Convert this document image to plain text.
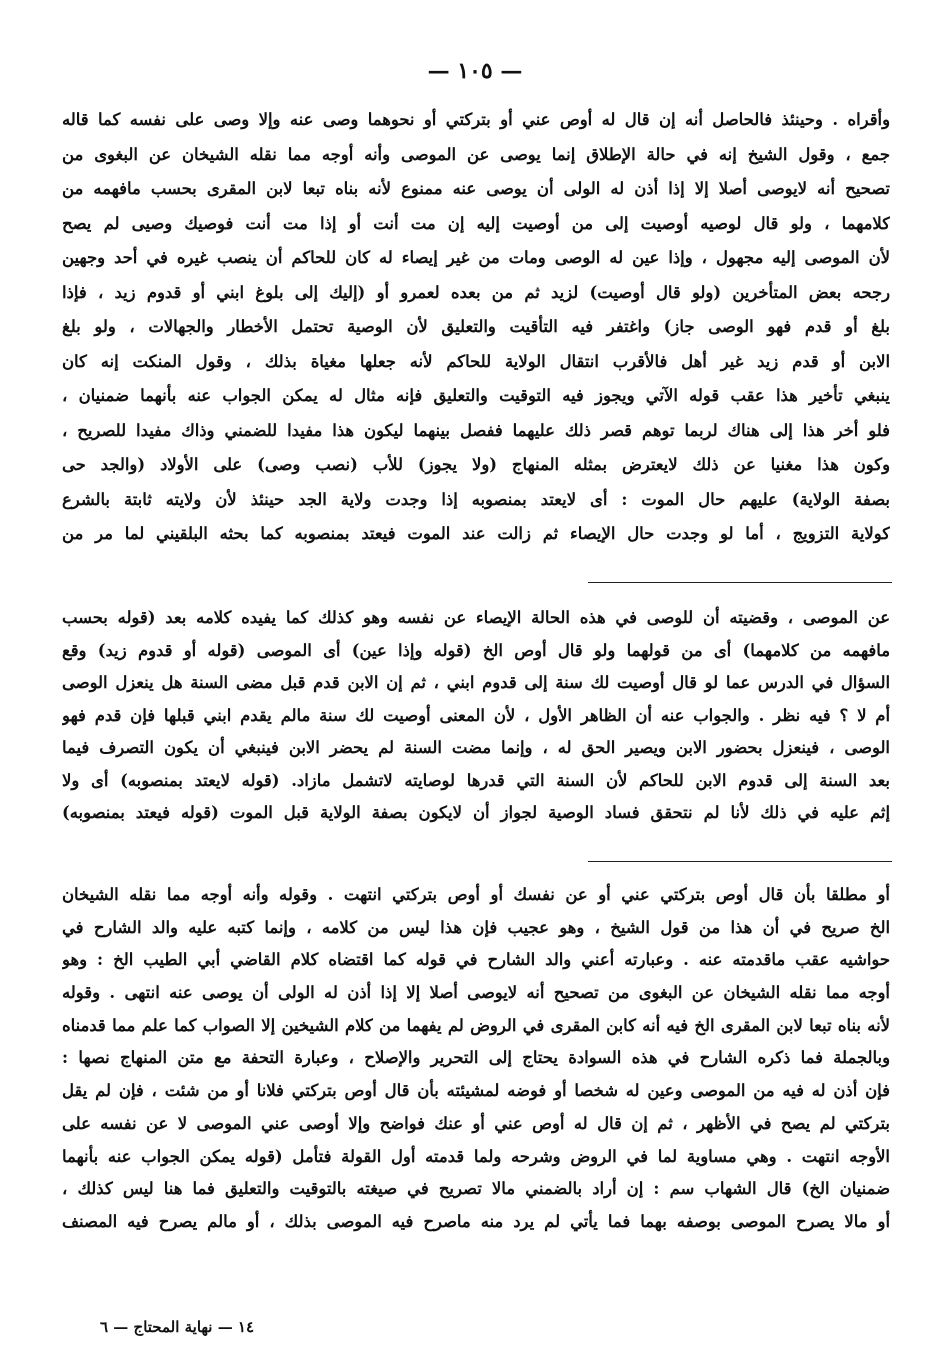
— ١٠٥ —
وأقراه . وحينئذ فالحاصل أنه إن قال له أوص عني أو بتركتي أو نحوهما وصى عنه وإلا وصى على نفسه كما قاله
جمع ، وقول الشيخ إنه في حالة الإطلاق إنما يوصى عن الموصى وأنه أوجه مما نقله الشيخان عن البغوى من
تصحيح أنه لايوصى أصلا إلا إذا أذن له الولى أن يوصى عنه ممنوع لأنه بناه تبعا لابن المقرى بحسب مافهمه من
كلامهما ، ولو قال لوصيه أوصيت إلى من أوصيت إليه إن مت أنت أو إذا مت أنت فوصيك وصيى لم يصح
لأن الموصى إليه مجهول ، وإذا عين له الوصى ومات من غير إيصاء له كان للحاكم أن ينصب غيره في أحد وجهين
رجحه بعض المتأخرين (ولو قال أوصيت) لزيد ثم من بعده لعمرو أو (إليك إلى بلوغ ابني أو قدوم زيد ، فإذا
بلغ أو قدم فهو الوصى جاز) واغتفر فيه التأقيت والتعليق لأن الوصية تحتمل الأخطار والجهالات ، ولو بلغ
الابن أو قدم زيد غير أهل فالأقرب انتقال الولاية للحاكم لأنه جعلها مغياة بذلك ، وقول المنكت إنه كان
ينبغي تأخير هذا عقب قوله الآتي ويجوز فيه التوقيت والتعليق فإنه مثال له يمكن الجواب عنه بأنهما ضمنيان ،
فلو أخر هذا إلى هناك لربما توهم قصر ذلك عليهما ففصل بينهما ليكون هذا مفيدا للضمني وذاك مفيدا للصريح ،
وكون هذا مغنيا عن ذلك لايعترض بمثله المنهاج (ولا يجوز) للأب (نصب وصى) على الأولاد (والجد حى
بصفة الولاية) عليهم حال الموت : أى لايعتد بمنصوبه إذا وجدت ولاية الجد حينئذ لأن ولايته ثابتة بالشرع
كولاية التزويج ، أما لو وجدت حال الإيصاء ثم زالت عند الموت فيعتد بمنصوبه كما بحثه البلقيني لما مر من
عن الموصى ، وقضيته أن للوصى في هذه الحالة الإيصاء عن نفسه وهو كذلك كما يفيده كلامه بعد (قوله بحسب
مافهمه من كلامهما) أى من قولهما ولو قال أوص الخ (قوله وإذا عين) أى الموصى (قوله أو قدوم زيد) وقع
السؤال في الدرس عما لو قال أوصيت لك سنة إلى قدوم ابني ، ثم إن الابن قدم قبل مضى السنة هل ينعزل الوصى
أم لا ؟ فيه نظر . والجواب عنه أن الظاهر الأول ، لأن المعنى أوصيت لك سنة مالم يقدم ابني قبلها فإن قدم فهو
الوصى ، فينعزل بحضور الابن ويصير الحق له ، وإنما مضت السنة لم يحضر الابن فينبغي أن يكون التصرف فيما
بعد السنة إلى قدوم الابن للحاكم لأن السنة التي قدرها لوصايته لاتشمل مازاد. (قوله لايعتد بمنصوبه) أى ولا
إثم عليه في ذلك لأنا لم نتحقق فساد الوصية لجواز أن لايكون بصفة الولاية قبل الموت (قوله فيعتد بمنصوبه)
أو مطلقا بأن قال أوص بتركتي عني أو عن نفسك أو أوص بتركتي انتهت . وقوله وأنه أوجه مما نقله الشيخان
الخ صريح في أن هذا من قول الشيخ ، وهو عجيب فإن هذا ليس من كلامه ، وإنما كتبه عليه والد الشارح في
حواشيه عقب ماقدمته عنه . وعبارته أعني والد الشارح في قوله كما اقتضاه كلام القاضي أبي الطيب الخ : وهو
أوجه مما نقله الشيخان عن البغوى من تصحيح أنه لايوصى أصلا إلا إذا أذن له الولى أن يوصى عنه انتهى . وقوله
لأنه بناه تبعا لابن المقرى الخ فيه أنه كابن المقرى في الروض لم يفهما من كلام الشيخين إلا الصواب كما علم مما قدمناه
وبالجملة فما ذكره الشارح في هذه السوادة يحتاج إلى التحرير والإصلاح ، وعبارة التحفة مع متن المنهاج نصها :
فإن أذن له فيه من الموصى وعين له شخصا أو فوضه لمشيئته بأن قال أوص بتركتي فلانا أو من شئت ، فإن لم يقل
بتركتي لم يصح في الأظهر ، ثم إن قال له أوص عني أو عنك فواضح وإلا أوصى عني الموصى لا عن نفسه على
الأوجه انتهت . وهي مساوية لما في الروض وشرحه ولما قدمته أول القولة فتأمل (قوله يمكن الجواب عنه بأنهما
ضمنيان الخ) قال الشهاب سم : إن أراد بالضمني مالا تصريح في صيغته بالتوقيت والتعليق فما هنا ليس كذلك ،
أو مالا يصرح الموصى بوصفه بهما فما يأتي لم يرد منه ماصرح فيه الموصى بذلك ، أو مالم يصرح فيه المصنف
١٤ — نهاية المحتاج — ٦
